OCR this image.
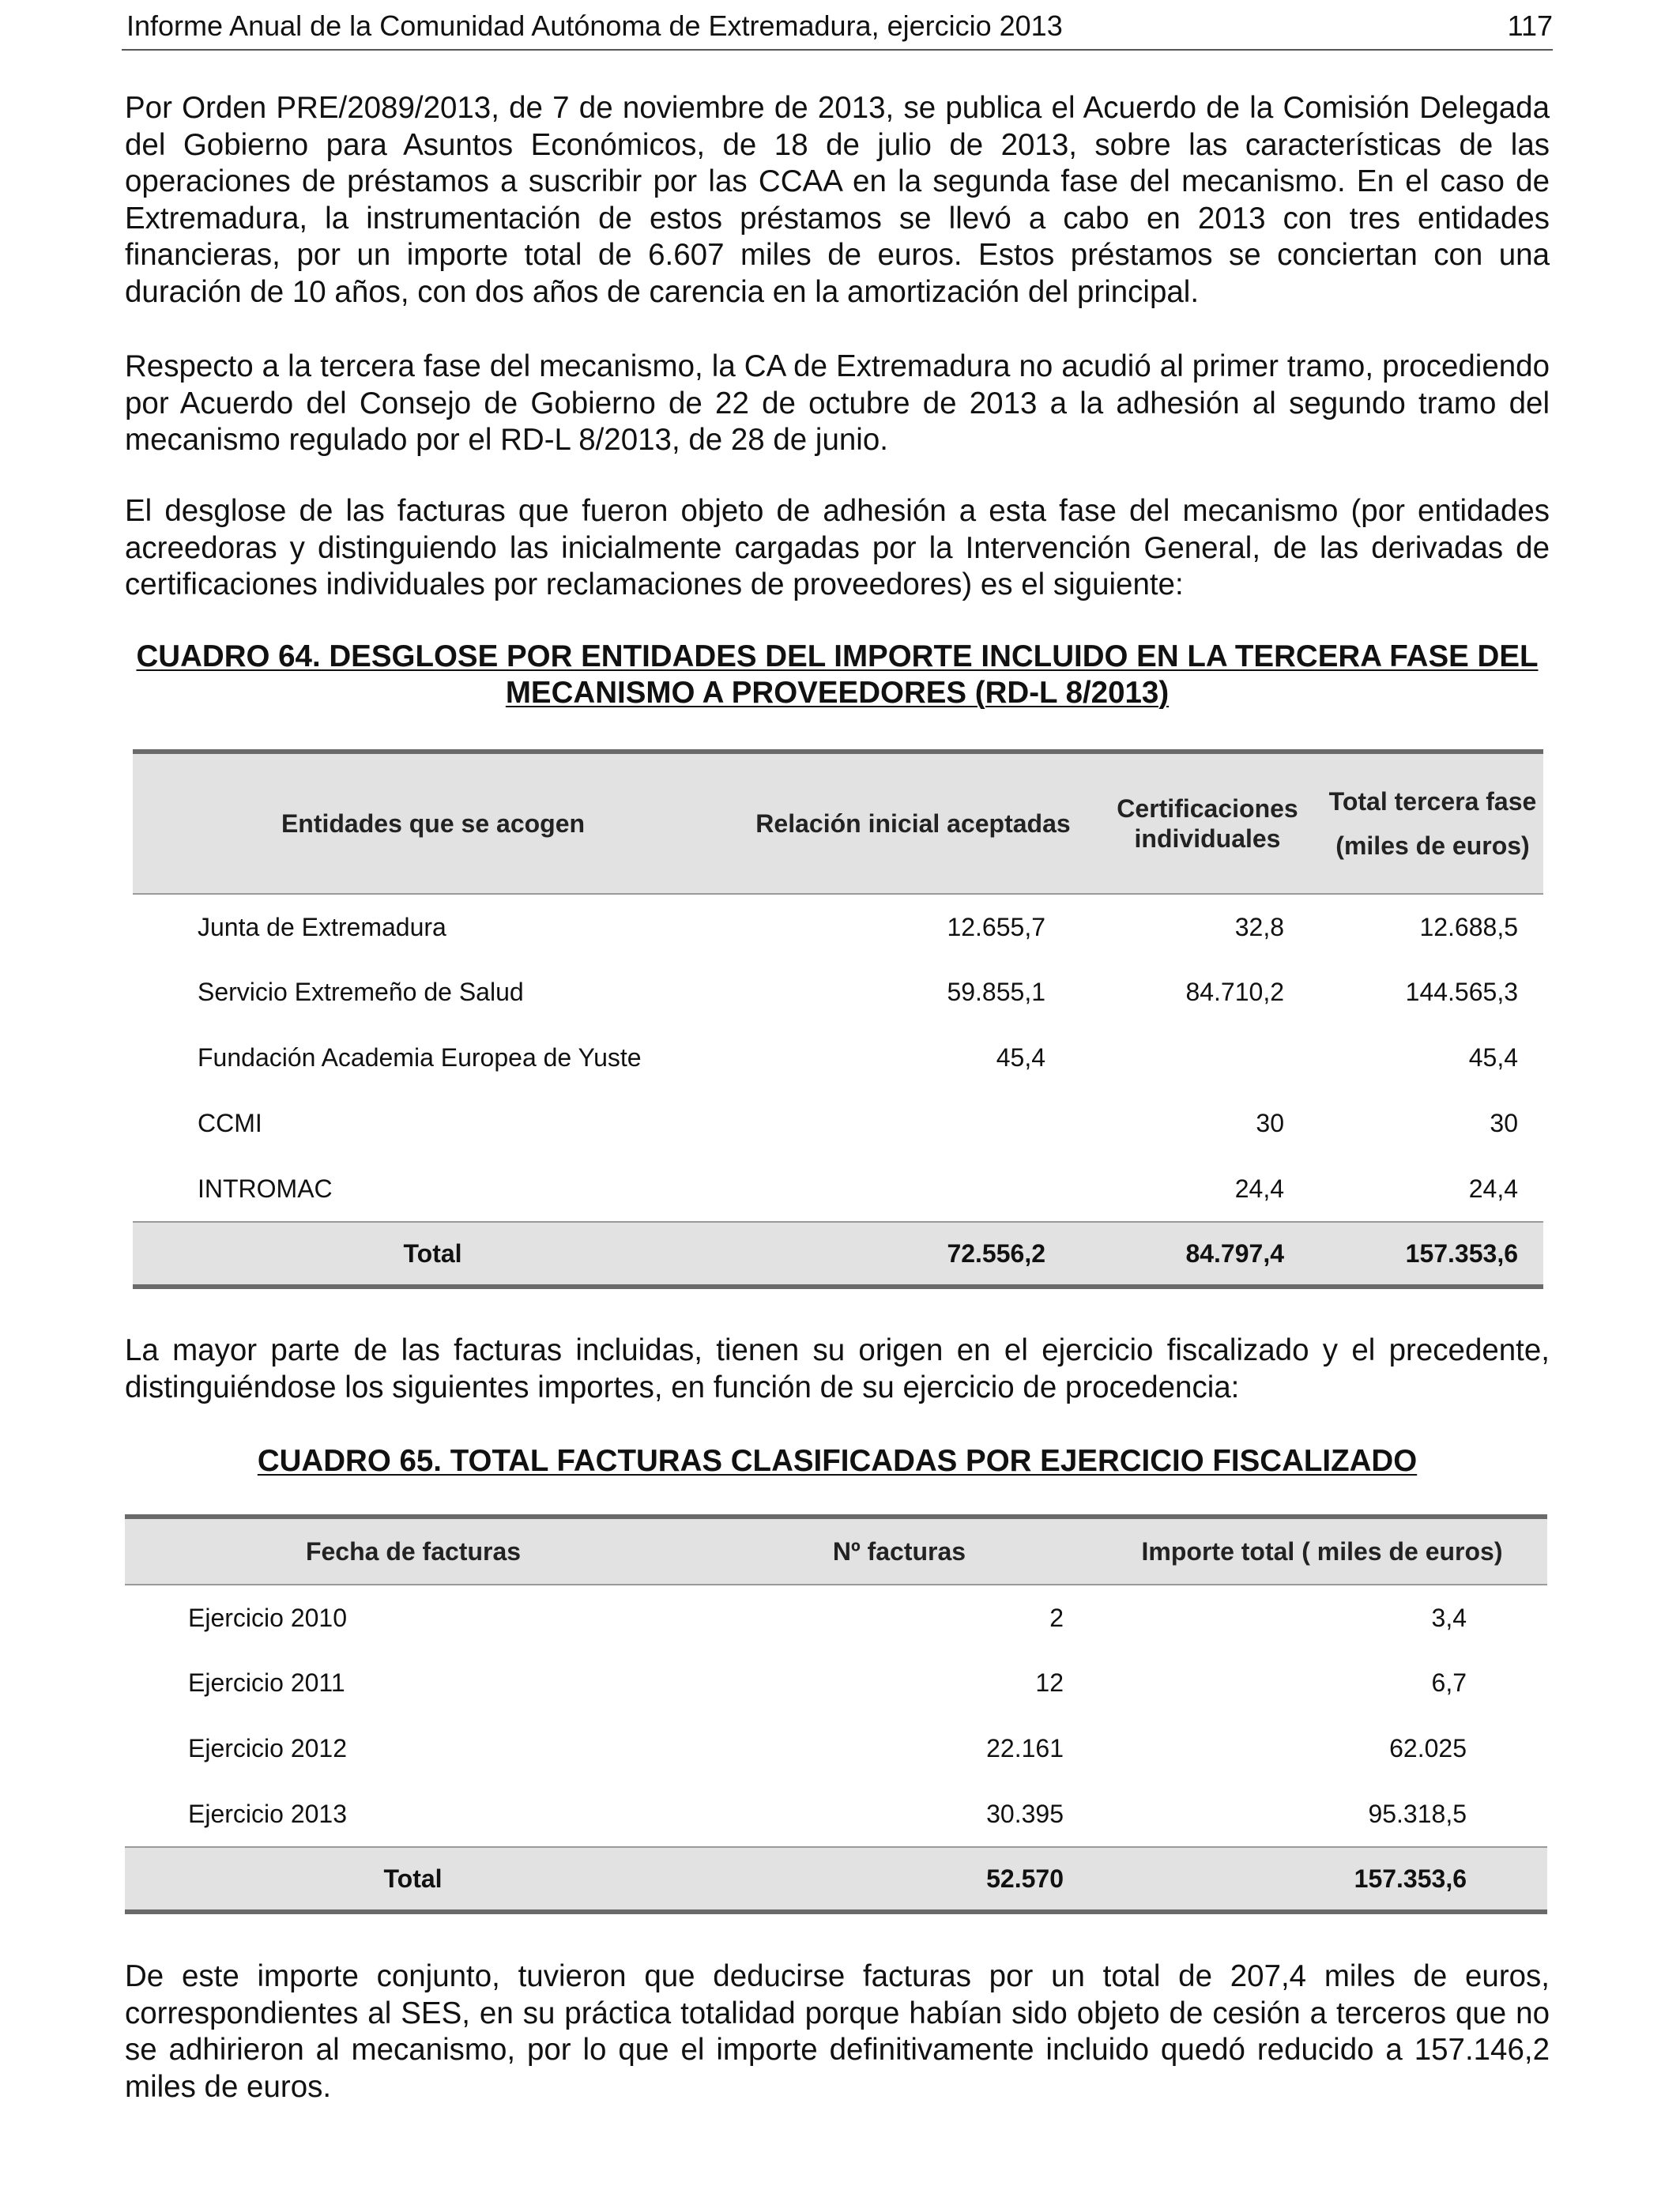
Informe Anual de la Comunidad Autónoma de Extremadura, ejercicio 2013	117

Por Orden PRE/2089/2013, de 7 de noviembre de 2013, se publica el Acuerdo de la Comisión Delegada del Gobierno para Asuntos Económicos, de 18 de julio de 2013, sobre las características de las operaciones de préstamos a suscribir por las CCAA en la segunda fase del mecanismo. En el caso de Extremadura, la instrumentación de estos préstamos se llevó a cabo en 2013 con tres entidades financieras, por un importe total de 6.607 miles de euros. Estos préstamos se conciertan con una duración de 10 años, con dos años de carencia en la amortización del principal.

Respecto a la tercera fase del mecanismo, la CA de Extremadura no acudió al primer tramo, procediendo por Acuerdo del Consejo de Gobierno de 22 de octubre de 2013 a la adhesión al segundo tramo del mecanismo regulado por el RD-L 8/2013, de 28 de junio.

El desglose de las facturas que fueron objeto de adhesión a esta fase del mecanismo (por entidades acreedoras y distinguiendo las inicialmente cargadas por la Intervención General, de las derivadas de certificaciones individuales por reclamaciones de proveedores) es el siguiente:

CUADRO 64. DESGLOSE POR ENTIDADES DEL IMPORTE INCLUIDO EN LA TERCERA FASE DEL MECANISMO A PROVEEDORES (RD-L 8/2013)

Entidades que se acogen	Relación inicial aceptadas	Certificaciones individuales	Total tercera fase
(miles de euros)

Junta de Extremadura	12.655,7	32,8	12.688,5
Servicio Extremeño de Salud	59.855,1	84.710,2	144.565,3
Fundación Academia Europea de Yuste	45,4		45,4
CCMI		30	30
INTROMAC		24,4	24,4
Total	72.556,2	84.797,4	157.353,6

La mayor parte de las facturas incluidas, tienen su origen en el ejercicio fiscalizado y el precedente, distinguiéndose los siguientes importes, en función de su ejercicio de procedencia:

CUADRO 65. TOTAL FACTURAS CLASIFICADAS POR EJERCICIO FISCALIZADO

Fecha de facturas	Nº facturas	Importe total ( miles de euros)
Ejercicio 2010	2	3,4
Ejercicio 2011	12	6,7
Ejercicio 2012	22.161	62.025
Ejercicio 2013	30.395	95.318,5
Total	52.570	157.353,6

De este importe conjunto, tuvieron que deducirse facturas por un total de 207,4 miles de euros, correspondientes al SES, en su práctica totalidad porque habían sido objeto de cesión a terceros que no se adhirieron al mecanismo, por lo que el importe definitivamente incluido quedó reducido a 157.146,2 miles de euros.
